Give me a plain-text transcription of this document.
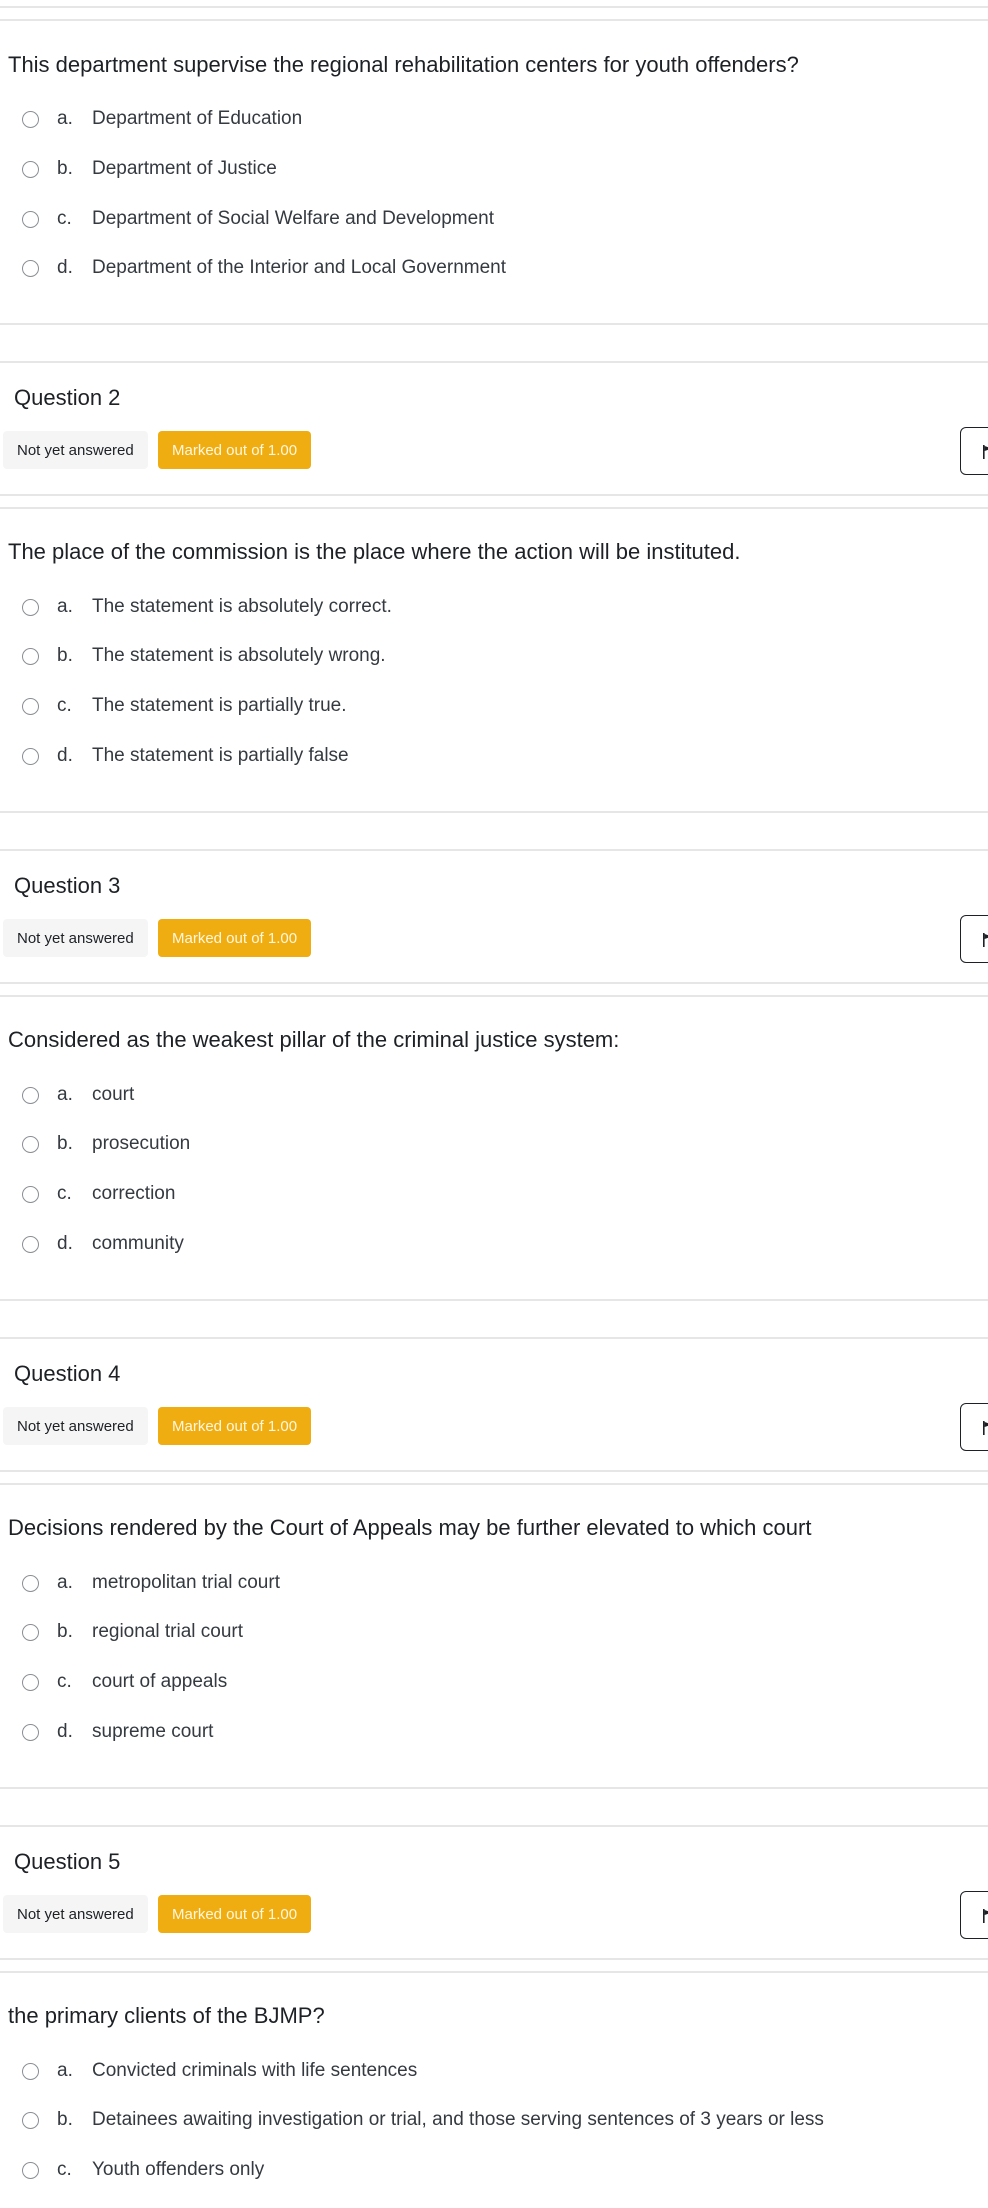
This department supervise the regional rehabilitation centers for youth offenders?
a.	Department of Education
b.	Department of Justice
c.	Department of Social Welfare and Development
d.	Department of the Interior and Local Government
Question 2
Not yet answered	Marked out of 1.00
The place of the commission is the place where the action will be instituted.
a.	The statement is absolutely correct.
b.	The statement is absolutely wrong.
c.	The statement is partially true.
d.	The statement is partially false
Question 3
Not yet answered	Marked out of 1.00
Considered as the weakest pillar of the criminal justice system:
a.	court
b.	prosecution
c.	correction
d.	community
Question 4
Not yet answered	Marked out of 1.00
Decisions rendered by the Court of Appeals may be further elevated to which court
a.	metropolitan trial court
b.	regional trial court
c.	court of appeals
d.	supreme court
Question 5
Not yet answered	Marked out of 1.00
the primary clients of the BJMP?
a.	Convicted criminals with life sentences
b.	Detainees awaiting investigation or trial, and those serving sentences of 3 years or less
c.	Youth offenders only
